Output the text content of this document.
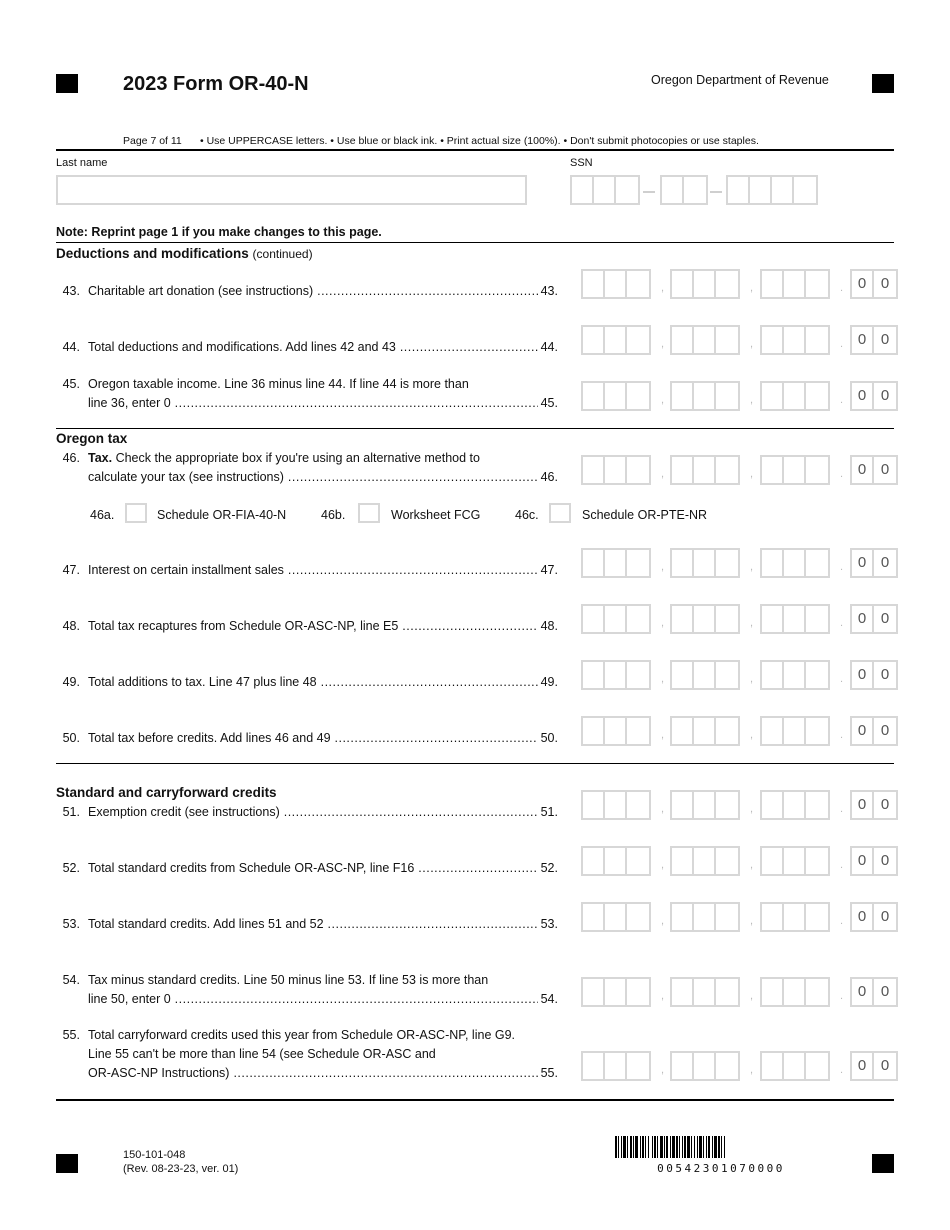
2023 Form OR-40-N	Oregon Department of Revenue
Page 7 of 11 • Use UPPERCASE letters. • Use blue or black ink. • Print actual size (100%). • Don't submit photocopies or use staples.
Last name	SSN
Note: Reprint page 1 if you make changes to this page.
Deductions and modifications (continued)
Oregon tax
46a.	Schedule OR-FIA-40-N	46b.	Worksheet FCG	46c.	Schedule OR-PTE-NR
Standard and carryforward credits
43. Charitable art donation (see instructions) .....	43.	,	,	. 0 0
44. Total deductions and modifications. Add lines 42 and 43 .....	44.	,	,	. 0 0
45. Oregon taxable income. Line 36 minus line 44. If line 44 is more than
line 36, enter 0 .....	45.	,	,	. 0 0
46. Tax. Check the appropriate box if you're using an alternative method to
calculate your tax (see instructions) .....	46.	,	,	. 0 0
47. Interest on certain installment sales .....	47.	,	,	. 0 0
48. Total tax recaptures from Schedule OR-ASC-NP, line E5 .....	48.	,	,	. 0 0
49. Total additions to tax. Line 47 plus line 48 .....	49.	,	,	. 0 0
50. Total tax before credits. Add lines 46 and 49 .....	50.	,	,	. 0 0
51. Exemption credit (see instructions) .....	51.	,	,	. 0 0
52. Total standard credits from Schedule OR-ASC-NP, line F16 .....	52.	,	,	. 0 0
53. Total standard credits. Add lines 51 and 52 .....	53.	,	,	. 0 0
54. Tax minus standard credits. Line 50 minus line 53. If line 53 is more than
line 50, enter 0 .....	54.	,	,	. 0 0
55. Total carryforward credits used this year from Schedule OR-ASC-NP, line G9.
Line 55 can't be more than line 54 (see Schedule OR-ASC and
OR-ASC-NP Instructions) .....	55.	,	,	. 0 0
150-101-048
(Rev. 08-23-23, ver. 01)	00542301070000
